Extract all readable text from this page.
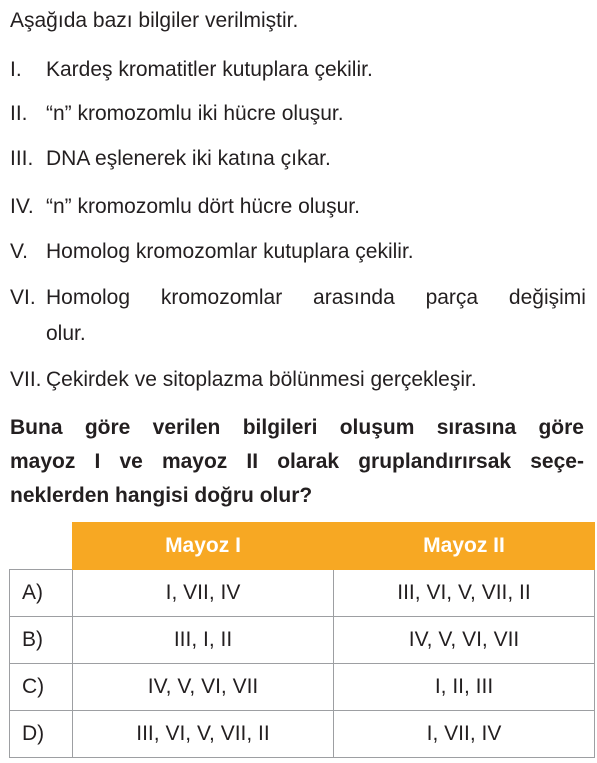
Aşağıda bazı bilgiler verilmiştir.
I. Kardeş kromatitler kutuplara çekilir.
II. “n” kromozomlu iki hücre oluşur.
III. DNA eşlenerek iki katına çıkar.
IV. “n” kromozomlu dört hücre oluşur.
V. Homolog kromozomlar kutuplara çekilir.
VI. Homolog kromozomlar arasında parça değişimi
olur.
VII. Çekirdek ve sitoplazma bölünmesi gerçekleşir.
Buna göre verilen bilgileri oluşum sırasına göre
mayoz I ve mayoz II olarak gruplandırırsak seçe-
neklerden hangisi doğru olur?
	Mayoz I	Mayoz II
A)	I, VII, IV	III, VI, V, VII, II
B)	III, I, II	IV, V, VI, VII
C)	IV, V, VI, VII	I, II, III
D)	III, VI, V, VII, II	I, VII, IV
